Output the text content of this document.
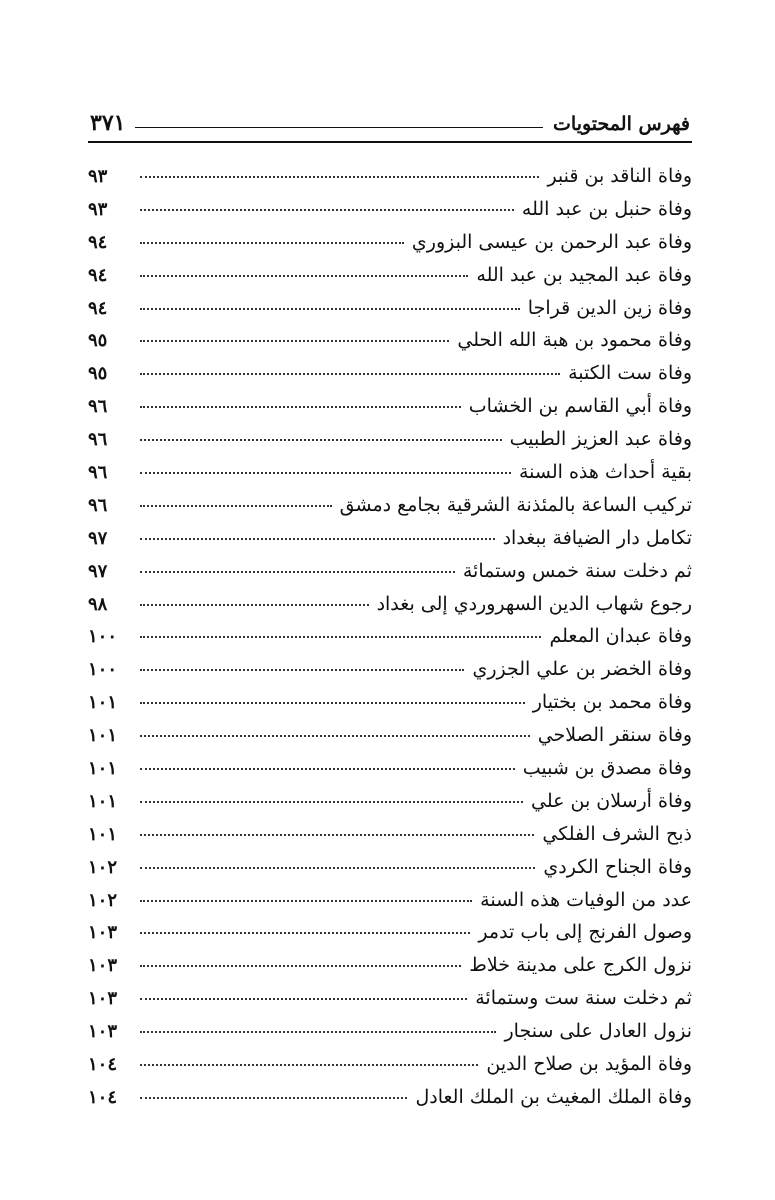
فهرس المحتويات
٣٧١
وفاة الناقد بن قنبر
٩٣
وفاة حنبل بن عبد الله
٩٣
وفاة عبد الرحمن بن عيسى البزوري
٩٤
وفاة عبد المجيد بن عبد الله
٩٤
وفاة زين الدين قراجا
٩٤
وفاة محمود بن هبة الله الحلي
٩٥
وفاة ست الكتبة
٩٥
وفاة أبي القاسم بن الخشاب
٩٦
وفاة عبد العزيز الطبيب
٩٦
بقية أحداث هذه السنة
٩٦
تركيب الساعة بالمئذنة الشرقية بجامع دمشق
٩٦
تكامل دار الضيافة ببغداد
٩٧
ثم دخلت سنة خمس وستمائة
٩٧
رجوع شهاب الدين السهروردي إلى بغداد
٩٨
وفاة عبدان المعلم
١٠٠
وفاة الخضر بن علي الجزري
١٠٠
وفاة محمد بن بختيار
١٠١
وفاة سنقر الصلاحي
١٠١
وفاة مصدق بن شبيب
١٠١
وفاة أرسلان بن علي
١٠١
ذبح الشرف الفلكي
١٠١
وفاة الجناح الكردي
١٠٢
عدد من الوفيات هذه السنة
١٠٢
وصول الفرنج إلى باب تدمر
١٠٣
نزول الكرج على مدينة خلاط
١٠٣
ثم دخلت سنة ست وستمائة
١٠٣
نزول العادل على سنجار
١٠٣
وفاة المؤيد بن صلاح الدين
١٠٤
وفاة الملك المغيث بن الملك العادل
١٠٤
